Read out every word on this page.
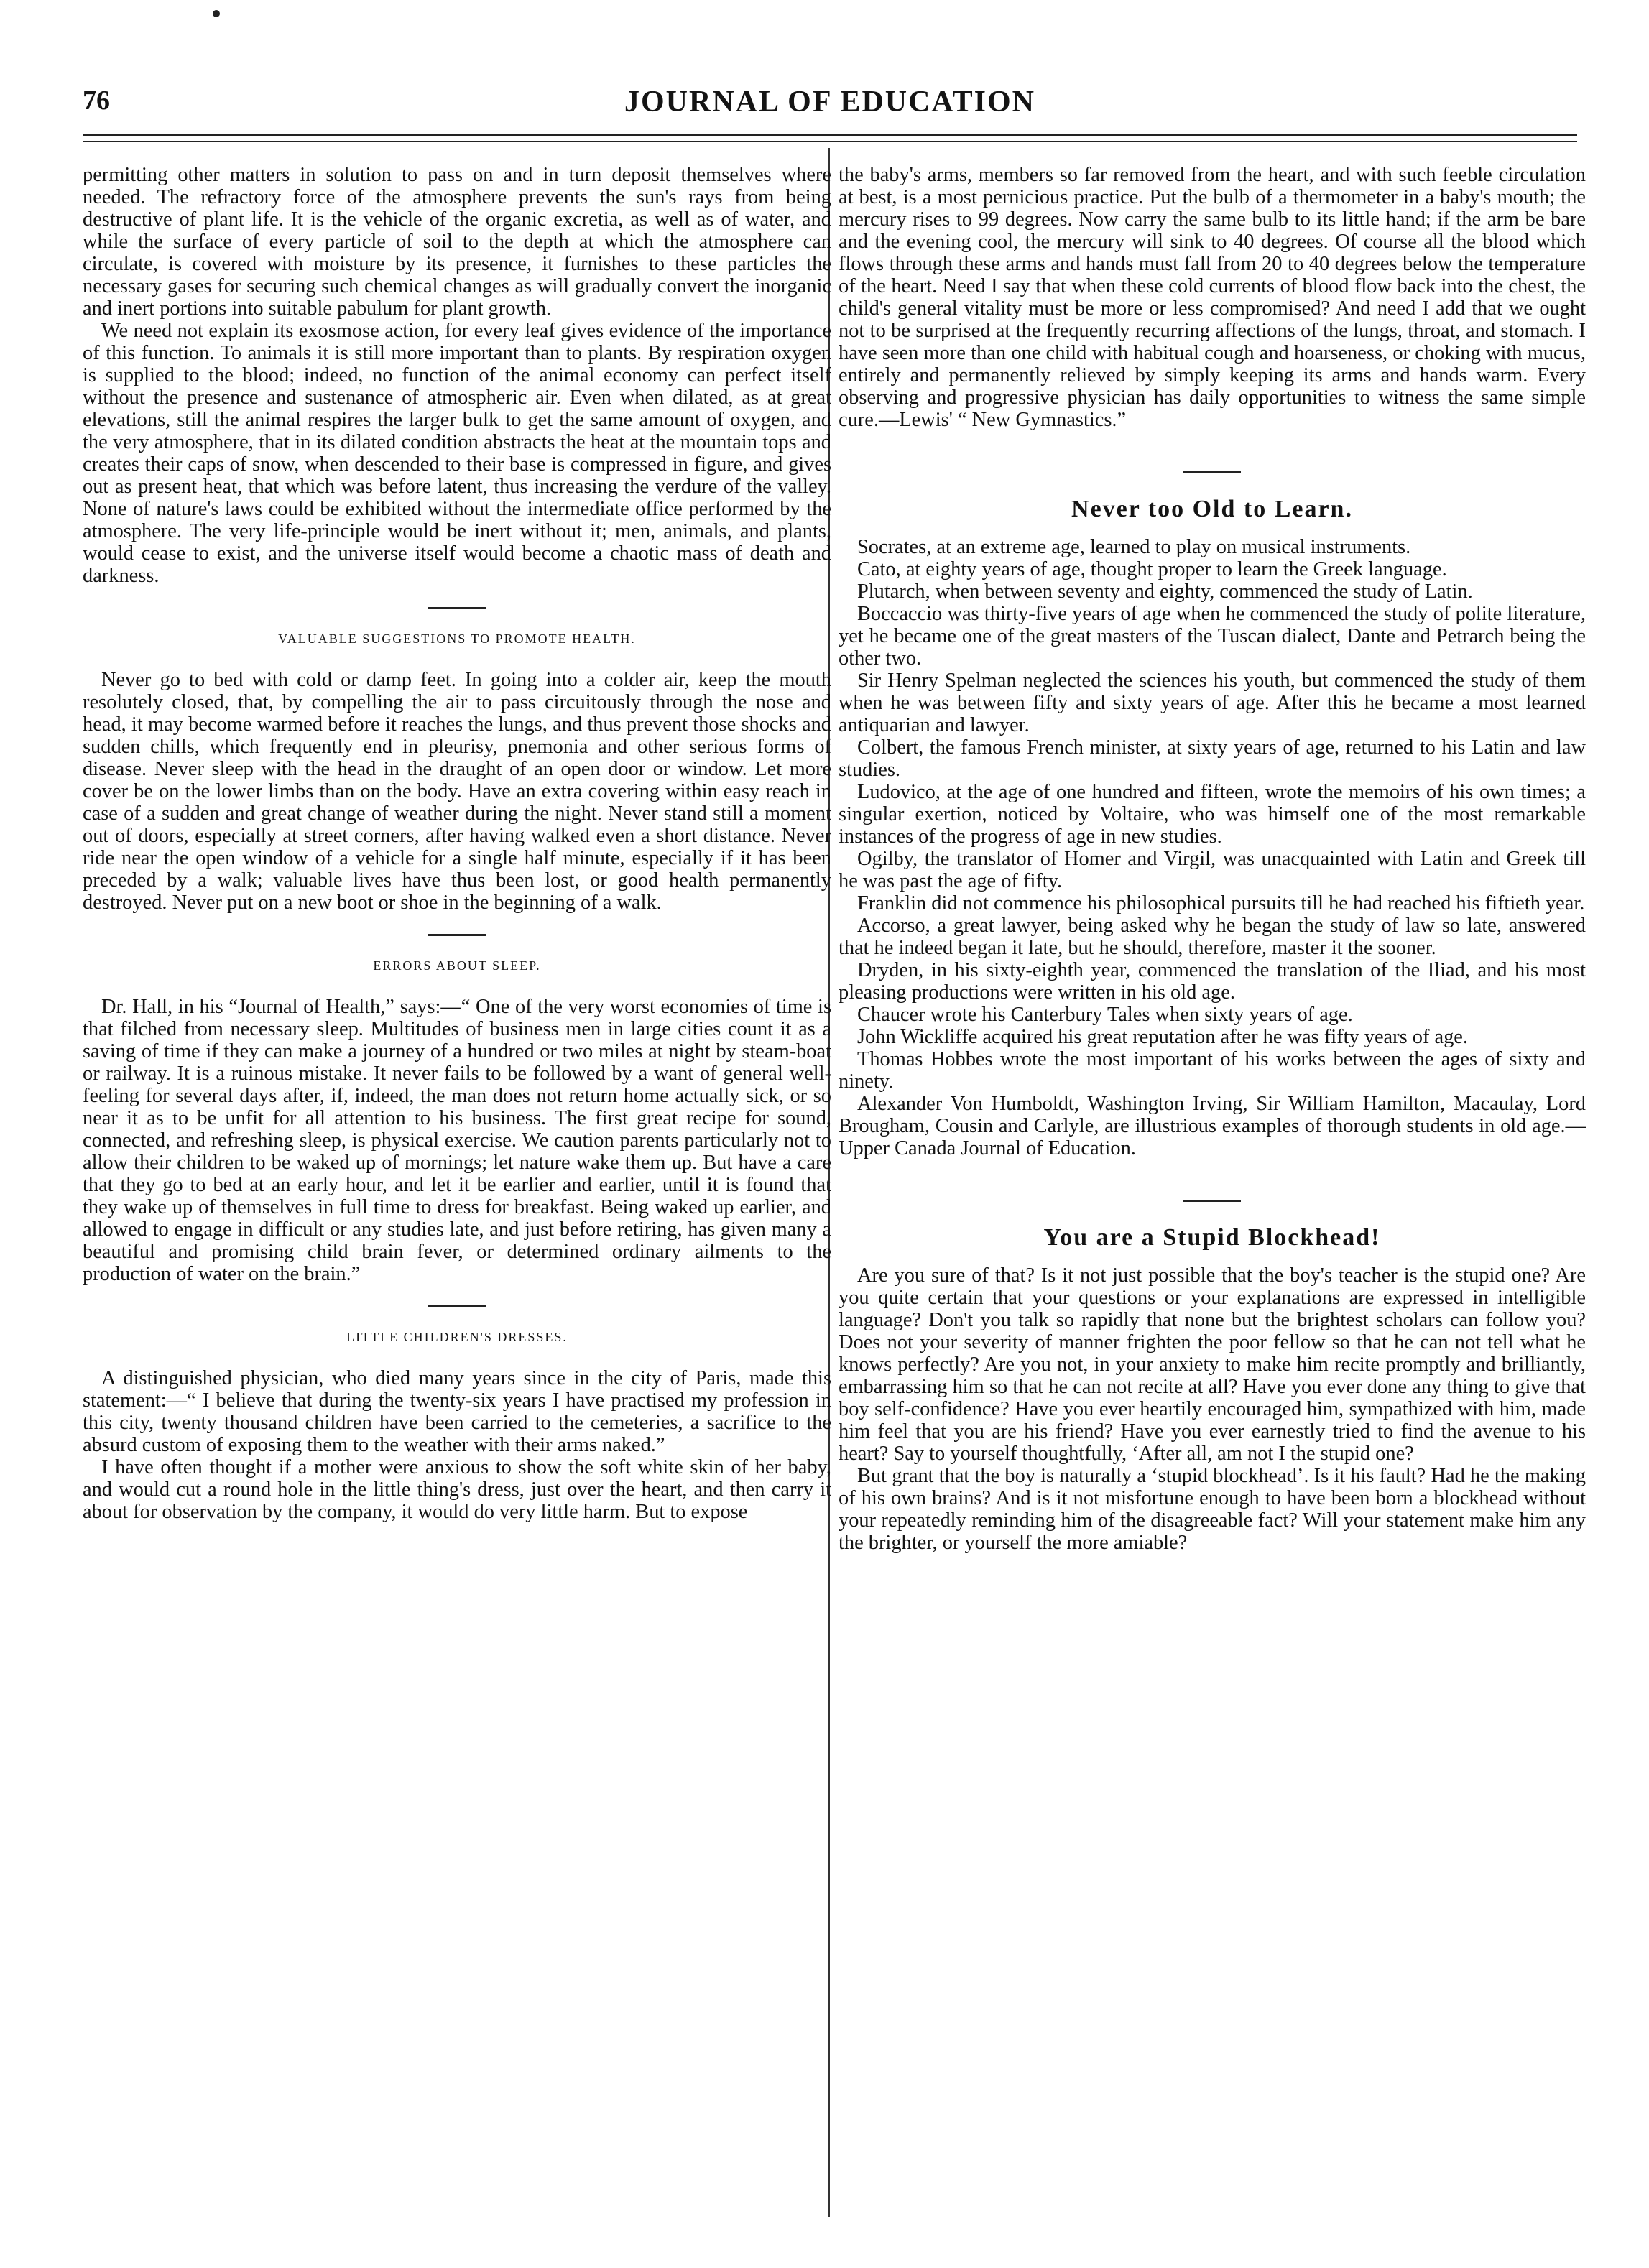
76	JOURNAL OF EDUCATION

permitting other matters in solution to pass on and in turn deposit themselves where needed. The refractory force of the atmosphere prevents the sun's rays from being destructive of plant life. It is the vehicle of the organic excretia, as well as of water, and while the surface of every particle of soil to the depth at which the atmosphere can circulate, is covered with moisture by its presence, it furnishes to these particles the necessary gases for securing such chemical changes as will gradually convert the inorganic and inert portions into suitable pabulum for plant growth.

We need not explain its exosmose action, for every leaf gives evidence of the importance of this function. To animals it is still more important than to plants. By respiration oxygen is supplied to the blood; indeed, no function of the animal economy can perfect itself without the presence and sustenance of atmospheric air. Even when dilated, as at great elevations, still the animal respires the larger bulk to get the same amount of oxygen, and the very atmosphere, that in its dilated condition abstracts the heat at the mountain tops and creates their caps of snow, when descended to their base is compressed in figure, and gives out as present heat, that which was before latent, thus increasing the verdure of the valley. None of nature's laws could be exhibited without the intermediate office performed by the atmosphere. The very life-principle would be inert without it; men, animals, and plants, would cease to exist, and the universe itself would become a chaotic mass of death and darkness.

VALUABLE SUGGESTIONS TO PROMOTE HEALTH.

Never go to bed with cold or damp feet. In going into a colder air, keep the mouth resolutely closed, that, by compelling the air to pass circuitously through the nose and head, it may become warmed before it reaches the lungs, and thus prevent those shocks and sudden chills, which frequently end in pleurisy, pnemonia and other serious forms of disease. Never sleep with the head in the draught of an open door or window. Let more cover be on the lower limbs than on the body. Have an extra covering within easy reach in case of a sudden and great change of weather during the night. Never stand still a moment out of doors, especially at street corners, after having walked even a short distance. Never ride near the open window of a vehicle for a single half minute, especially if it has been preceded by a walk; valuable lives have thus been lost, or good health permanently destroyed. Never put on a new boot or shoe in the beginning of a walk.

ERRORS ABOUT SLEEP.

Dr. Hall, in his “Journal of Health,” says:—“ One of the very worst economies of time is that filched from necessary sleep. Multitudes of business men in large cities count it as a saving of time if they can make a journey of a hundred or two miles at night by steam-boat or railway. It is a ruinous mistake. It never fails to be followed by a want of general well-feeling for several days after, if, indeed, the man does not return home actually sick, or so near it as to be unfit for all attention to his business. The first great recipe for sound, connected, and refreshing sleep, is physical exercise. We caution parents particularly not to allow their children to be waked up of mornings; let nature wake them up. But have a care that they go to bed at an early hour, and let it be earlier and earlier, until it is found that they wake up of themselves in full time to dress for breakfast. Being waked up earlier, and allowed to engage in difficult or any studies late, and just before retiring, has given many a beautiful and promising child brain fever, or determined ordinary ailments to the production of water on the brain.”

LITTLE CHILDREN'S DRESSES.

A distinguished physician, who died many years since in the city of Paris, made this statement:—“ I believe that during the twenty-six years I have practised my profession in this city, twenty thousand children have been carried to the cemeteries, a sacrifice to the absurd custom of exposing them to the weather with their arms naked.”

I have often thought if a mother were anxious to show the soft white skin of her baby, and would cut a round hole in the little thing's dress, just over the heart, and then carry it about for observation by the company, it would do very little harm. But to expose

the baby's arms, members so far removed from the heart, and with such feeble circulation at best, is a most pernicious practice. Put the bulb of a thermometer in a baby's mouth; the mercury rises to 99 degrees. Now carry the same bulb to its little hand; if the arm be bare and the evening cool, the mercury will sink to 40 degrees. Of course all the blood which flows through these arms and hands must fall from 20 to 40 degrees below the temperature of the heart. Need I say that when these cold currents of blood flow back into the chest, the child's general vitality must be more or less compromised? And need I add that we ought not to be surprised at the frequently recurring affections of the lungs, throat, and stomach. I have seen more than one child with habitual cough and hoarseness, or choking with mucus, entirely and permanently relieved by simply keeping its arms and hands warm. Every observing and progressive physician has daily opportunities to witness the same simple cure.—Lewis' “ New Gymnastics.”

Never too Old to Learn.

Socrates, at an extreme age, learned to play on musical instruments.

Cato, at eighty years of age, thought proper to learn the Greek language.

Plutarch, when between seventy and eighty, commenced the study of Latin.

Boccaccio was thirty-five years of age when he commenced the study of polite literature, yet he became one of the great masters of the Tuscan dialect, Dante and Petrarch being the other two.

Sir Henry Spelman neglected the sciences his youth, but commenced the study of them when he was between fifty and sixty years of age. After this he became a most learned antiquarian and lawyer.

Colbert, the famous French minister, at sixty years of age, returned to his Latin and law studies.

Ludovico, at the age of one hundred and fifteen, wrote the memoirs of his own times; a singular exertion, noticed by Voltaire, who was himself one of the most remarkable instances of the progress of age in new studies.

Ogilby, the translator of Homer and Virgil, was unacquainted with Latin and Greek till he was past the age of fifty.

Franklin did not commence his philosophical pursuits till he had reached his fiftieth year.

Accorso, a great lawyer, being asked why he began the study of law so late, answered that he indeed began it late, but he should, therefore, master it the sooner.

Dryden, in his sixty-eighth year, commenced the translation of the Iliad, and his most pleasing productions were written in his old age.

Chaucer wrote his Canterbury Tales when sixty years of age.

John Wickliffe acquired his great reputation after he was fifty years of age.

Thomas Hobbes wrote the most important of his works between the ages of sixty and ninety.

Alexander Von Humboldt, Washington Irving, Sir William Hamilton, Macaulay, Lord Brougham, Cousin and Carlyle, are illustrious examples of thorough students in old age.—Upper Canada Journal of Education.

You are a Stupid Blockhead!

Are you sure of that? Is it not just possible that the boy's teacher is the stupid one? Are you quite certain that your questions or your explanations are expressed in intelligible language? Don't you talk so rapidly that none but the brightest scholars can follow you? Does not your severity of manner frighten the poor fellow so that he can not tell what he knows perfectly? Are you not, in your anxiety to make him recite promptly and brilliantly, embarrassing him so that he can not recite at all? Have you ever done any thing to give that boy self-confidence? Have you ever heartily encouraged him, sympathized with him, made him feel that you are his friend? Have you ever earnestly tried to find the avenue to his heart? Say to yourself thoughtfully, ‘After all, am not I the stupid one?

But grant that the boy is naturally a ‘stupid blockhead’. Is it his fault? Had he the making of his own brains? And is it not misfortune enough to have been born a blockhead without your repeatedly reminding him of the disagreeable fact? Will your statement make him any the brighter, or yourself the more amiable?
